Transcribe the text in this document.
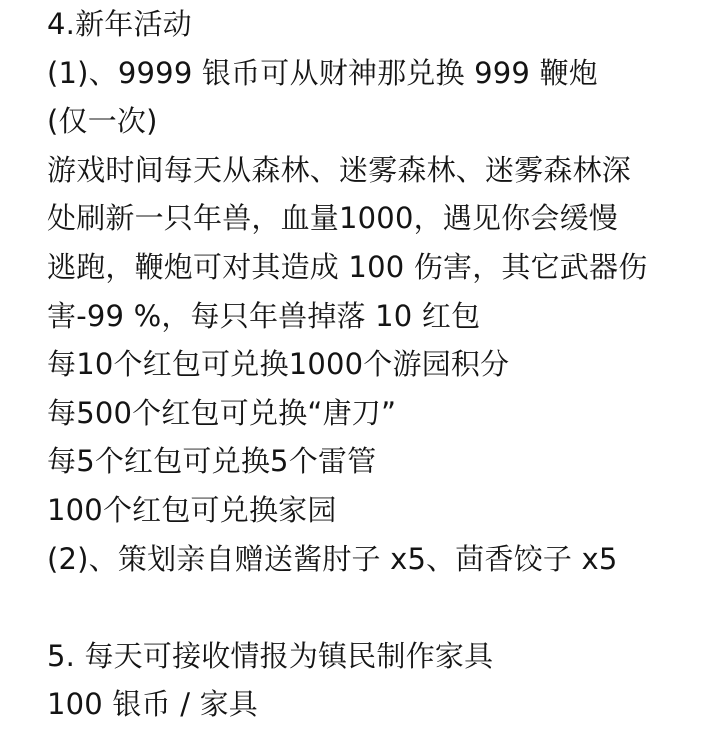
4.新年活动
(1)、9999 银币可从财神那兑换 999 鞭炮
(仅一次)
游戏时间每天从森林、迷雾森林、迷雾森林深
处刷新一只年兽，血量1000，遇见你会缓慢
逃跑，鞭炮可对其造成 100 伤害，其它武器伤
害-99 %，每只年兽掉落 10 红包
每10个红包可兑换1000个游园积分
每500个红包可兑换“唐刀”
每5个红包可兑换5个雷管
100个红包可兑换家园
(2)、策划亲自赠送酱肘子 x5、茴香饺子 x5
5. 每天可接收情报为镇民制作家具
100 银币 / 家具
